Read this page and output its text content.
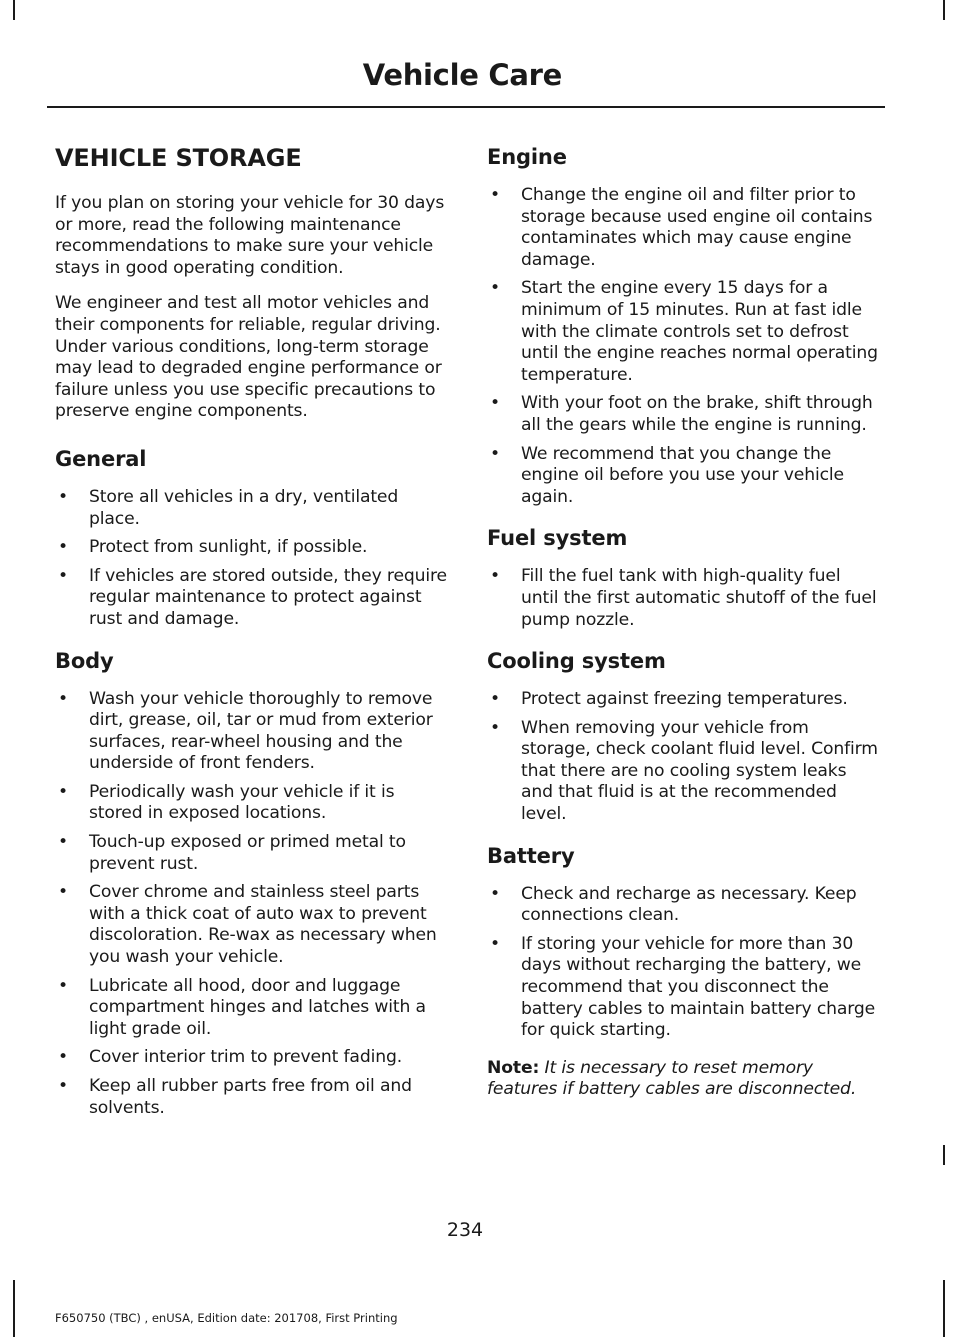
Vehicle Care
VEHICLE STORAGE

If you plan on storing your vehicle for 30 days or more, read the following maintenance recommendations to make sure your vehicle stays in good operating condition.

We engineer and test all motor vehicles and their components for reliable, regular driving. Under various conditions, long-term storage may lead to degraded engine performance or failure unless you use specific precautions to preserve engine components.

General
• Store all vehicles in a dry, ventilated place.
• Protect from sunlight, if possible.
• If vehicles are stored outside, they require regular maintenance to protect against rust and damage.
Body
• Wash your vehicle thoroughly to remove dirt, grease, oil, tar or mud from exterior surfaces, rear-wheel housing and the underside of front fenders.
• Periodically wash your vehicle if it is stored in exposed locations.
• Touch-up exposed or primed metal to prevent rust.
• Cover chrome and stainless steel parts with a thick coat of auto wax to prevent discoloration. Re-wax as necessary when you wash your vehicle.
• Lubricate all hood, door and luggage compartment hinges and latches with a light grade oil.
• Cover interior trim to prevent fading.
• Keep all rubber parts free from oil and solvents.
Engine
• Change the engine oil and filter prior to storage because used engine oil contains contaminates which may cause engine damage.
• Start the engine every 15 days for a minimum of 15 minutes. Run at fast idle with the climate controls set to defrost until the engine reaches normal operating temperature.
• With your foot on the brake, shift through all the gears while the engine is running.
• We recommend that you change the engine oil before you use your vehicle again.
Fuel system
• Fill the fuel tank with high-quality fuel until the first automatic shutoff of the fuel pump nozzle.
Cooling system
• Protect against freezing temperatures.
• When removing your vehicle from storage, check coolant fluid level. Confirm that there are no cooling system leaks and that fluid is at the recommended level.
Battery
• Check and recharge as necessary. Keep connections clean.
• If storing your vehicle for more than 30 days without recharging the battery, we recommend that you disconnect the battery cables to maintain battery charge for quick starting.

Note: It is necessary to reset memory features if battery cables are disconnected.

234
F650750 (TBC) , enUSA, Edition date: 201708, First Printing
